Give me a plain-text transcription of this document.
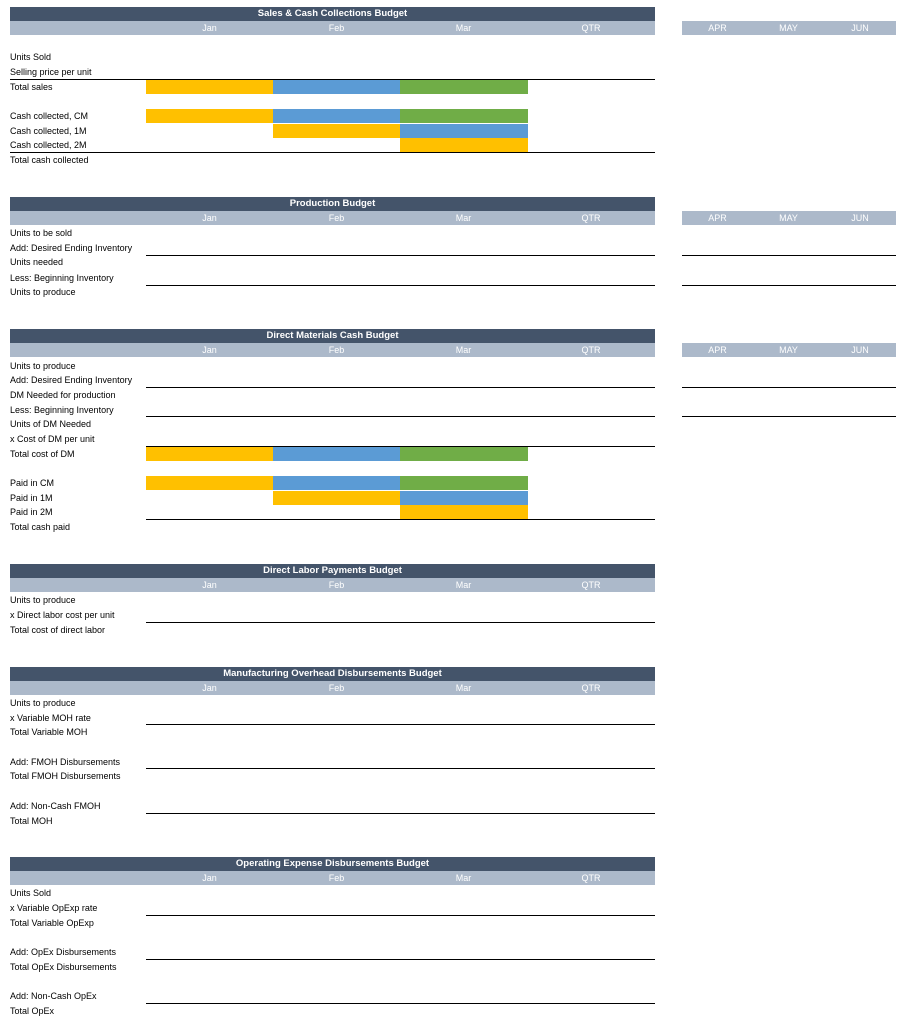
Sales & Cash Collections Budget
Jan	Feb	Mar	QTR	APR	MAY	JUN
Units Sold
Selling price per unit
Total sales
Cash collected, CM
Cash collected, 1M
Cash collected, 2M
Total cash collected
Production Budget
Jan	Feb	Mar	QTR	APR	MAY	JUN
Units to be sold
Add: Desired Ending Inventory
Units needed
Less: Beginning Inventory
Units to produce
Direct Materials Cash Budget
Jan	Feb	Mar	QTR	APR	MAY	JUN
Units to produce
Add: Desired Ending Inventory
DM Needed for production
Less: Beginning Inventory
Units of DM Needed
x Cost of DM per unit
Total cost of DM
Paid in CM
Paid in 1M
Paid in 2M
Total cash paid
Direct Labor Payments Budget
Jan	Feb	Mar	QTR
Units to produce
x Direct labor cost per unit
Total cost of direct labor
Manufacturing Overhead Disbursements Budget
Jan	Feb	Mar	QTR
Units to produce
x Variable MOH rate
Total Variable MOH
Add: FMOH Disbursements
Total FMOH Disbursements
Add: Non-Cash FMOH
Total MOH
Operating Expense Disbursements Budget
Jan	Feb	Mar	QTR
Units Sold
x Variable OpExp rate
Total Variable OpExp
Add: OpEx Disbursements
Total OpEx Disbursements
Add: Non-Cash OpEx
Total OpEx
